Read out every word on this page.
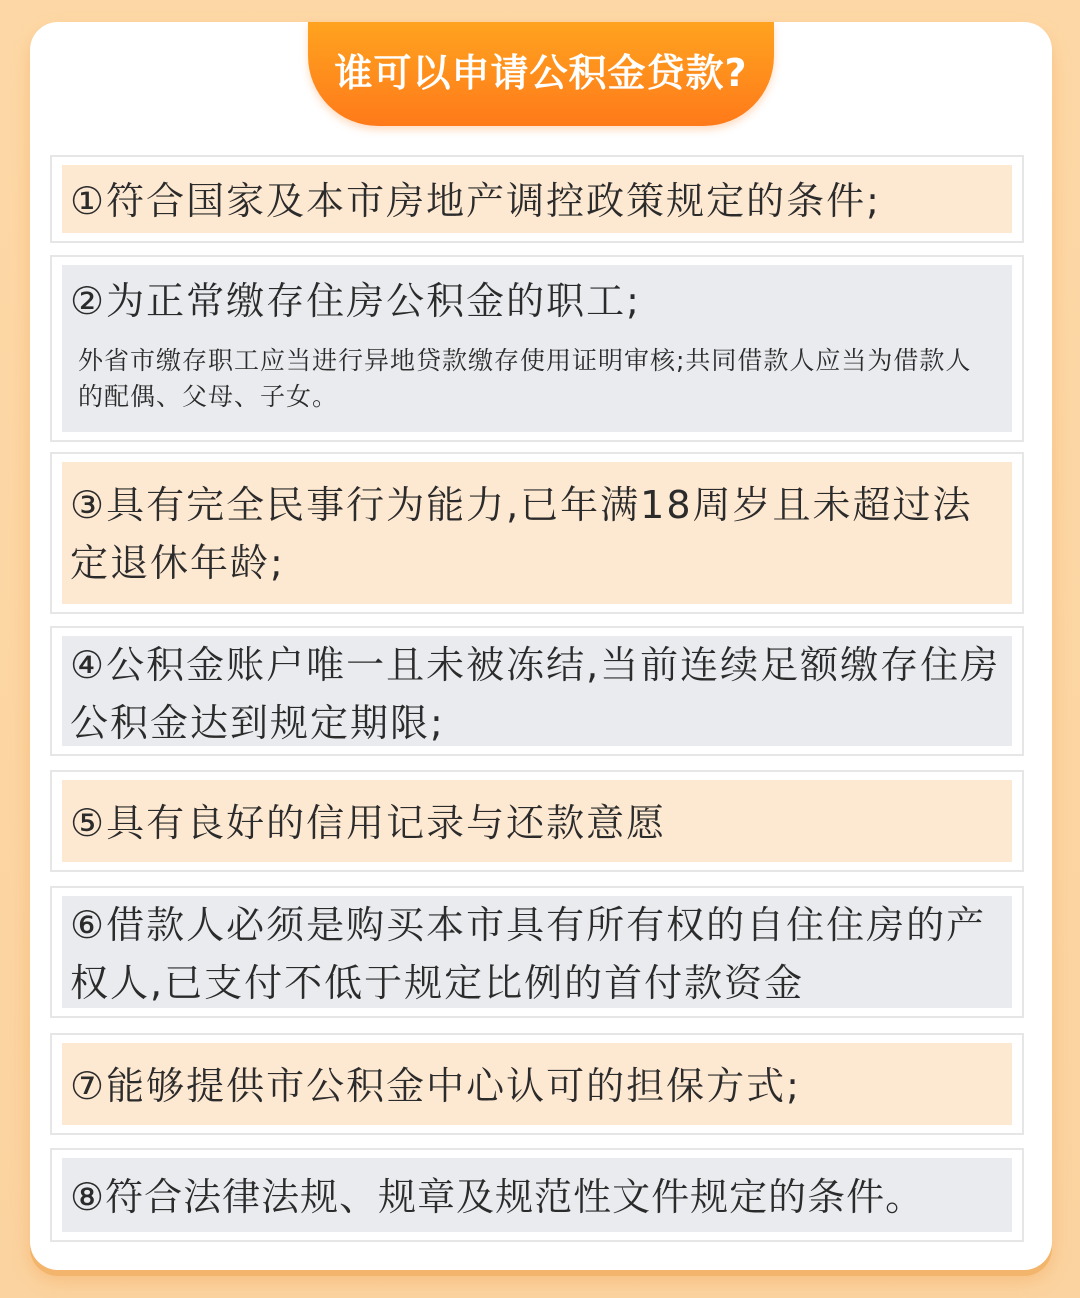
谁可以申请公积金贷款?
①符合国家及本市房地产调控政策规定的条件;
②为正常缴存住房公积金的职工;
外省市缴存职工应当进行异地贷款缴存使用证明审核;共同借款人应当为借款人的配偶、父母、子女。
③具有完全民事行为能力,已年满18周岁且未超过法定退休年龄;
④公积金账户唯一且未被冻结,当前连续足额缴存住房公积金达到规定期限;
⑤具有良好的信用记录与还款意愿
⑥借款人必须是购买本市具有所有权的自住住房的产权人,已支付不低于规定比例的首付款资金
⑦能够提供市公积金中心认可的担保方式;
⑧符合法律法规、规章及规范性文件规定的条件。
